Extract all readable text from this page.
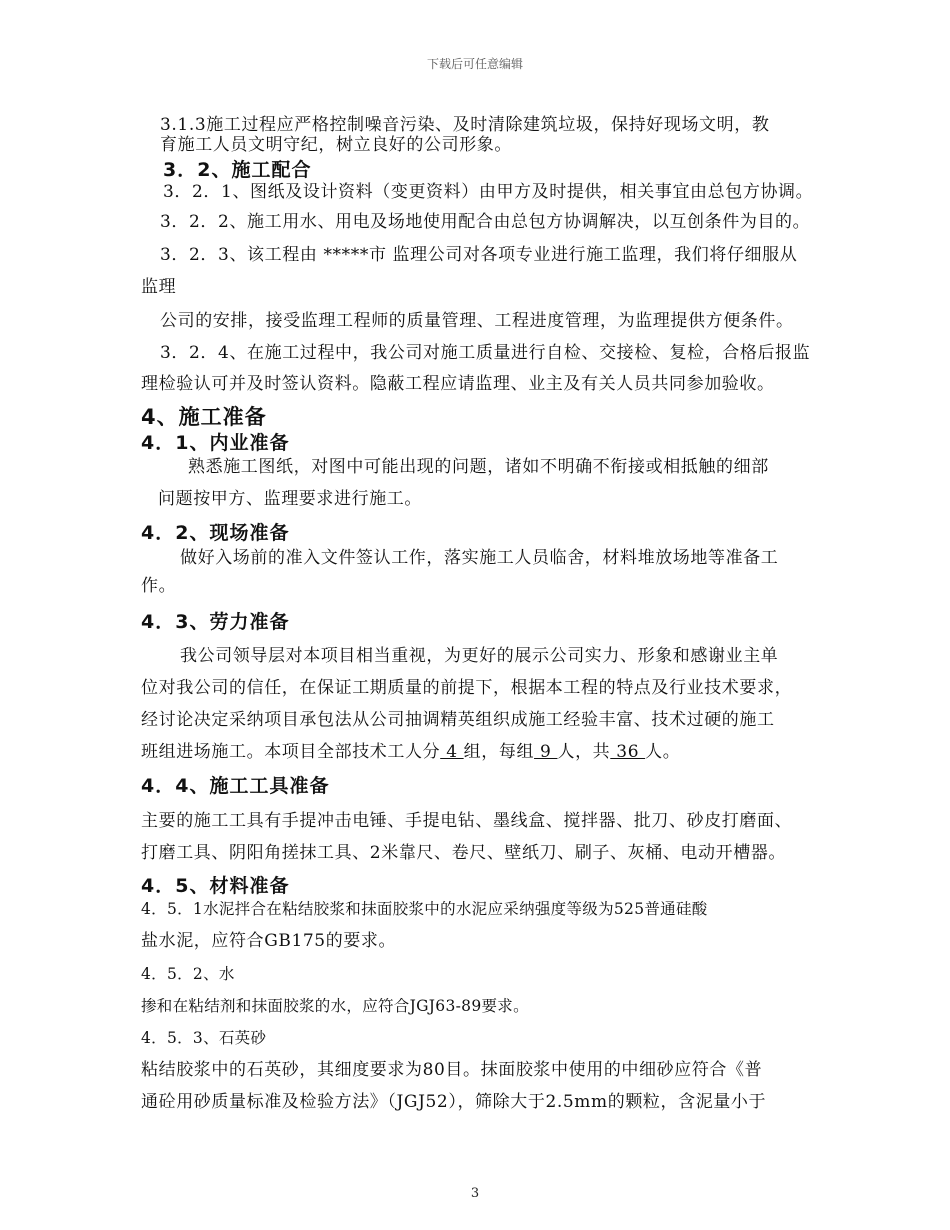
下载后可任意编辑
3.1.3施工过程应严格控制噪音污染、及时清除建筑垃圾，保持好现场文明，教
育施工人员文明守纪，树立良好的公司形象。
3．2、施工配合
3．2．1、图纸及设计资料（变更资料）由甲方及时提供，相关事宜由总包方协调。
3．2．2、施工用水、用电及场地使用配合由总包方协调解决，以互创条件为目的。
3．2．3、该工程由 *****市 监理公司对各项专业进行施工监理，我们将仔细服从
监理
公司的安排，接受监理工程师的质量管理、工程进度管理，为监理提供方便条件。
3．2．4、在施工过程中，我公司对施工质量进行自检、交接检、复检，合格后报监
理检验认可并及时签认资料。隐蔽工程应请监理、业主及有关人员共同参加验收。
4、施工准备
4．1、内业准备
熟悉施工图纸，对图中可能出现的问题，诸如不明确不衔接或相抵触的细部
问题按甲方、监理要求进行施工。
4．2、现场准备
做好入场前的准入文件签认工作，落实施工人员临舍，材料堆放场地等准备工
作。
4．3、劳力准备
我公司领导层对本项目相当重视，为更好的展示公司实力、形象和感谢业主单
位对我公司的信任，在保证工期质量的前提下，根据本工程的特点及行业技术要求，
经讨论决定采纳项目承包法从公司抽调精英组织成施工经验丰富、技术过硬的施工
班组进场施工。本项目全部技术工人分 4 组，每组 9 人，共 36 人。
4．4、施工工具准备
主要的施工工具有手提冲击电锤、手提电钻、墨线盒、搅拌器、批刀、砂皮打磨面、
打磨工具、阴阳角搓抹工具、2米靠尺、卷尺、壁纸刀、刷子、灰桶、电动开槽器。
4．5、材料准备
4．5．1水泥拌合在粘结胶浆和抹面胶浆中的水泥应采纳强度等级为525普通硅酸
盐水泥，应符合GB175的要求。
4．5．2、水
掺和在粘结剂和抹面胶浆的水，应符合JGJ63-89要求。
4．5．3、石英砂
粘结胶浆中的石英砂，其细度要求为80目。抹面胶浆中使用的中细砂应符合《普
通砼用砂质量标准及检验方法》（JGJ52），筛除大于2.5mm的颗粒，含泥量小于
3
